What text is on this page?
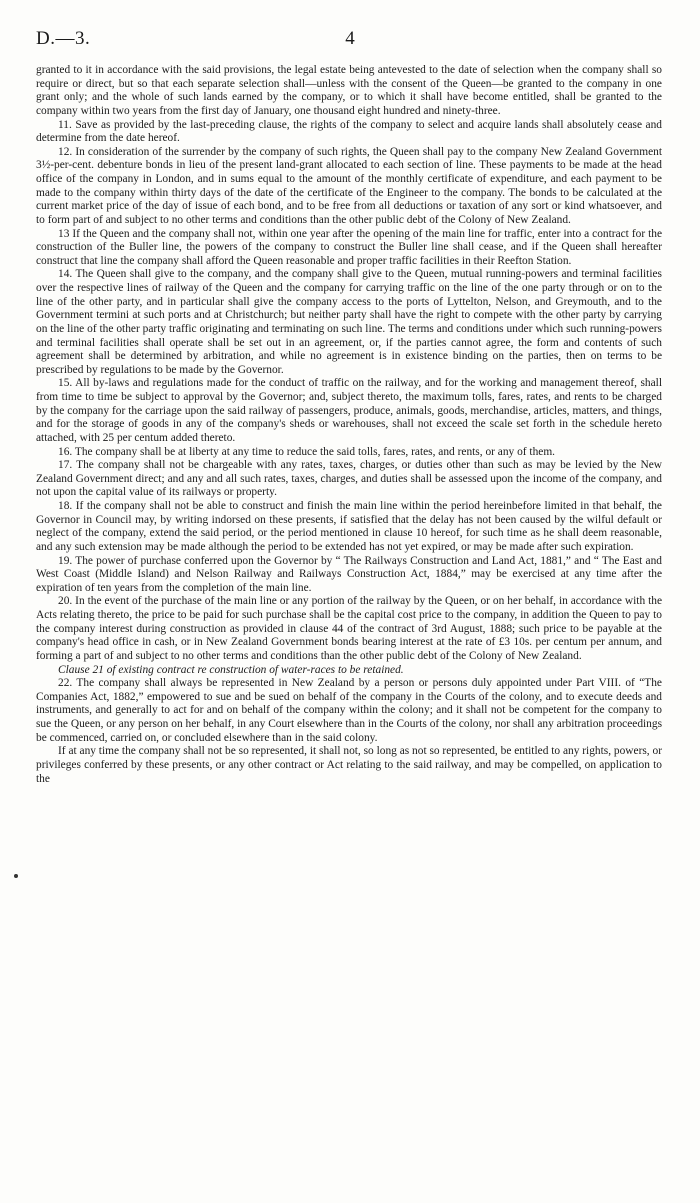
D.—3.	4

granted to it in accordance with the said provisions, the legal estate being antevested to the date of selection when the company shall so require or direct, but so that each separate selection shall—unless with the consent of the Queen—be granted to the company in one grant only; and the whole of such lands earned by the company, or to which it shall have become entitled, shall be granted to the company within two years from the first day of January, one thousand eight hundred and ninety-three.

11. Save as provided by the last-preceding clause, the rights of the company to select and acquire lands shall absolutely cease and determine from the date hereof.

12. In consideration of the surrender by the company of such rights, the Queen shall pay to the company New Zealand Government 3½-per-cent. debenture bonds in lieu of the present land-grant allocated to each section of line. These payments to be made at the head office of the company in London, and in sums equal to the amount of the monthly certificate of expenditure, and each payment to be made to the company within thirty days of the date of the certificate of the Engineer to the company. The bonds to be calculated at the current market price of the day of issue of each bond, and to be free from all deductions or taxation of any sort or kind whatsoever, and to form part of and subject to no other terms and conditions than the other public debt of the Colony of New Zealand.

13 If the Queen and the company shall not, within one year after the opening of the main line for traffic, enter into a contract for the construction of the Buller line, the powers of the company to construct the Buller line shall cease, and if the Queen shall hereafter construct that line the company shall afford the Queen reasonable and proper traffic facilities in their Reefton Station.

14. The Queen shall give to the company, and the company shall give to the Queen, mutual running-powers and terminal facilities over the respective lines of railway of the Queen and the company for carrying traffic on the line of the one party through or on to the line of the other party, and in particular shall give the company access to the ports of Lyttelton, Nelson, and Greymouth, and to the Government termini at such ports and at Christchurch; but neither party shall have the right to compete with the other party by carrying on the line of the other party traffic originating and terminating on such line. The terms and conditions under which such running-powers and terminal facilities shall operate shall be set out in an agreement, or, if the parties cannot agree, the form and contents of such agreement shall be determined by arbitration, and while no agreement is in existence binding on the parties, then on terms to be prescribed by regulations to be made by the Governor.

15. All by-laws and regulations made for the conduct of traffic on the railway, and for the working and management thereof, shall from time to time be subject to approval by the Governor; and, subject thereto, the maximum tolls, fares, rates, and rents to be charged by the company for the carriage upon the said railway of passengers, produce, animals, goods, merchandise, articles, matters, and things, and for the storage of goods in any of the company's sheds or warehouses, shall not exceed the scale set forth in the schedule hereto attached, with 25 per centum added thereto.

16. The company shall be at liberty at any time to reduce the said tolls, fares, rates, and rents, or any of them.

17. The company shall not be chargeable with any rates, taxes, charges, or duties other than such as may be levied by the New Zealand Government direct; and any and all such rates, taxes, charges, and duties shall be assessed upon the income of the company, and not upon the capital value of its railways or property.

18. If the company shall not be able to construct and finish the main line within the period hereinbefore limited in that behalf, the Governor in Council may, by writing indorsed on these presents, if satisfied that the delay has not been caused by the wilful default or neglect of the company, extend the said period, or the period mentioned in clause 10 hereof, for such time as he shall deem reasonable, and any such extension may be made although the period to be extended has not yet expired, or may be made after such expiration.

19. The power of purchase conferred upon the Governor by “ The Railways Construction and Land Act, 1881,” and “ The East and West Coast (Middle Island) and Nelson Railway and Railways Construction Act, 1884,” may be exercised at any time after the expiration of ten years from the completion of the main line.

20. In the event of the purchase of the main line or any portion of the railway by the Queen, or on her behalf, in accordance with the Acts relating thereto, the price to be paid for such purchase shall be the capital cost price to the company, in addition the Queen to pay to the company interest during construction as provided in clause 44 of the contract of 3rd August, 1888; such price to be payable at the company's head office in cash, or in New Zealand Government bonds bearing interest at the rate of £3 10s. per centum per annum, and forming a part of and subject to no other terms and conditions than the other public debt of the Colony of New Zealand.

Clause 21 of existing contract re construction of water-races to be retained.

22. The company shall always be represented in New Zealand by a person or persons duly appointed under Part VIII. of “The Companies Act, 1882,” empowered to sue and be sued on behalf of the company in the Courts of the colony, and to execute deeds and instruments, and generally to act for and on behalf of the company within the colony; and it shall not be competent for the company to sue the Queen, or any person on her behalf, in any Court elsewhere than in the Courts of the colony, nor shall any arbitration proceedings be commenced, carried on, or concluded elsewhere than in the said colony.

If at any time the company shall not be so represented, it shall not, so long as not so represented, be entitled to any rights, powers, or privileges conferred by these presents, or any other contract or Act relating to the said railway, and may be compelled, on application to the
